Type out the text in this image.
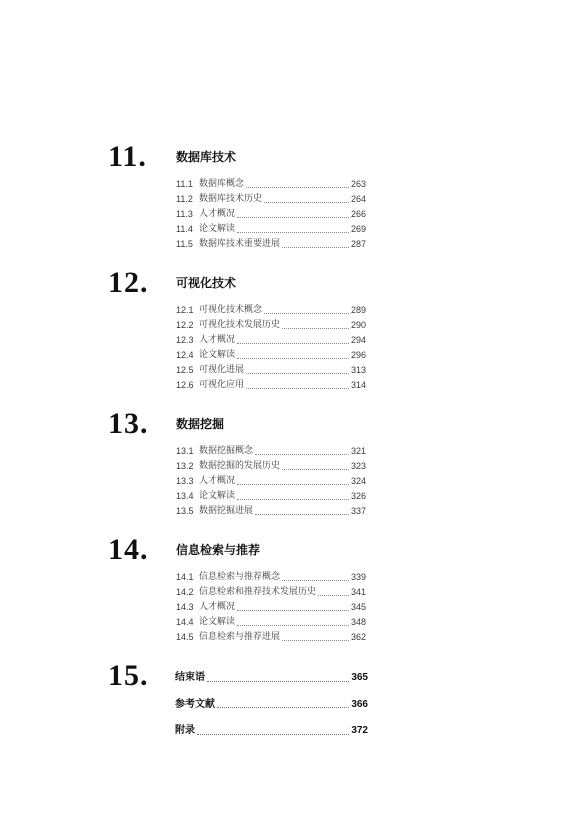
11. 数据库技术
11.1 数据库概念	263
11.2 数据库技术历史	264
11.3 人才概况	266
11.4 论文解读	269
11.5 数据库技术重要进展	287
12. 可视化技术
12.1 可视化技术概念	289
12.2 可视化技术发展历史	290
12.3 人才概况	294
12.4 论文解读	296
12.5 可视化进展	313
12.6 可视化应用	314
13. 数据挖掘
13.1 数据挖掘概念	321
13.2 数据挖掘的发展历史	323
13.3 人才概况	324
13.4 论文解读	326
13.5 数据挖掘进展	337
14. 信息检索与推荐
14.1 信息检索与推荐概念	339
14.2 信息检索和推荐技术发展历史	341
14.3 人才概况	345
14.4 论文解读	348
14.5 信息检索与推荐进展	362
15.	结束语	365
参考文献	366
附录	372
